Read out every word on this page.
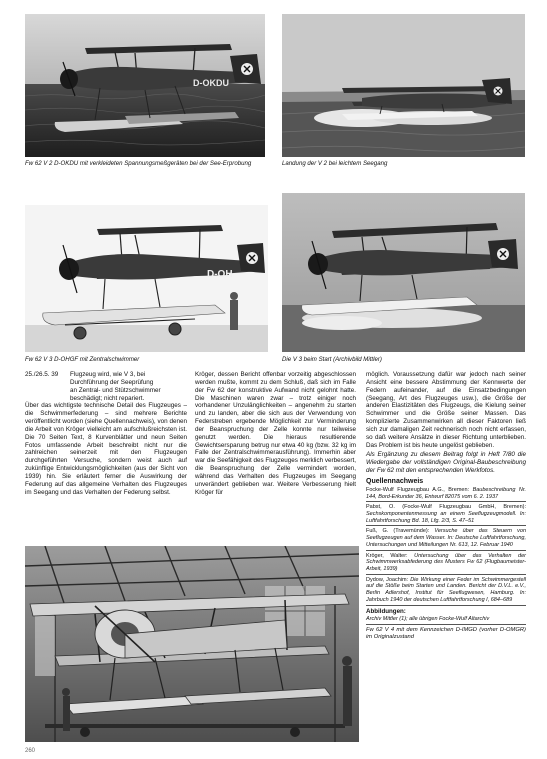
D-OKDU
Fw 62 V 2 D-OKDU mit verkleideten Spannungsmeßgeräten bei der See-Erprobung	Landung der V 2 bei leichtem Seegang
D-OH
Fw 62 V 3 D-OHGF mit Zentralschwimmer	Die V 3 beim Start (Archivbild Mittler)
25./26.5. 39	Flugzeug wird, wie V 3, bei
Durchführung der Seeprüfung
an Zentral- und Stützschwimmer
beschädigt; nicht repariert.

Über das wichtigste technische Detail des Flugzeuges – die Schwimmerfederung – sind mehrere Berichte veröffentlicht worden (siehe Quellennachweis), von denen die Arbeit von Kröger vielleicht am aufschlußreichsten ist. Die 70 Seiten Text, 8 Kurvenblätter und neun Seiten Fotos umfassende Arbeit beschreibt nicht nur die zahlreichen seinerzeit mit den Flugzeugen durchgeführten Versuche, sondern weist auch auf zukünftige Entwicklungsmöglichkeiten (aus der Sicht von 1939) hin. Sie erläutert ferner die Auswirkung der Federung auf das allgemeine Verhalten des Flugzeuges im Seegang und das Verhalten der Federung selbst.

Kröger, dessen Bericht offenbar vorzeitig abgeschlossen werden mußte, kommt zu dem Schluß, daß sich im Falle der Fw 62 der konstruktive Aufwand nicht gelohnt hatte. Die Maschinen waren zwar – trotz einiger noch vorhandener Unzulänglichkeiten – angenehm zu starten und zu landen, aber die sich aus der Verwendung von Federstreben ergebende Möglichkeit zur Verminderung der Beanspruchung der Zelle konnte nur teilweise genutzt werden. Die hieraus resultierende Gewichtsersparung betrug nur etwa 40 kg (bzw. 32 kg im Falle der Zentralschwimmerausführung). Immerhin aber war die Seefähigkeit des Flugzeuges merklich verbessert, die Beanspruchung der Zelle vermindert worden, während das Verhalten des Flugzeuges im Seegang unverändert geblieben war. Weitere Verbesserung hielt Kröger für

möglich. Voraussetzung dafür war jedoch nach seiner Ansicht eine bessere Abstimmung der Kennwerte der Federn aufeinander, auf die Einsatzbedingungen (Seegang, Art des Flugzeuges usw.), die Größe der anderen Elastizitäten des Flugzeugs, die Kielung seiner Schwimmer und die Größe seiner Massen. Das komplizierte Zusammenwirken all dieser Faktoren ließ sich zur damaligen Zeit rechnerisch noch nicht erfassen, so daß weitere Ansätze in dieser Richtung unterblieben. Das Problem ist bis heute ungelöst geblieben.

Als Ergänzung zu diesem Beitrag folgt in Heft 7/80 die Wiedergabe der vollständigen Original-Baubeschreibung der Fw 62 mit den entsprechenden Werkfotos.

Quellennachweis
Focke-Wulf Flugzeugbau A.G., Bremen: Baubeschreibung Nr. 144, Bord-Erkunder 36, Entwurf 82075 vom 6. 2. 1937
Pabst, O. (Focke-Wulf Flugzeugbau GmbH, Bremen): Sechskomponentenmessung an einem Seeflugzeugmodell. In: Luftfahrtforschung Bd. 18, Lfg. 2/3, S. 47–51
Fuß, G. (Travemünde): Versuche über das Steuern von Seeflugzeugen auf dem Wasser. In: Deutsche Luftfahrtforschung, Untersuchungen und Mitteilungen Nr. 613, 12. Februar 1940
Kröger, Walter: Untersuchung über das Verhalten der Schwimmwerksabfederung des Musters Fw 62 (Flugbaumeister-Arbeit, 1939)
Dydow, Joachim: Die Wirkung einer Feder im Schwimmergestell auf die Stöße beim Starten und Landen. Bericht der D.V.L. e.V., Berlin Adlershof, Institut für Seeflugwesen, Hamburg. In: Jahrbuch 1940 der deutschen Luftfahrtforschung I, 684–689
Abbildungen:
Archiv Mittler (1); alle übrigen Focke-Wulf Altarchiv
Fw 62 V 4 mit dem Kennzeichen D-IMGD (vorher D-OMGR) im Originalzustand
260
